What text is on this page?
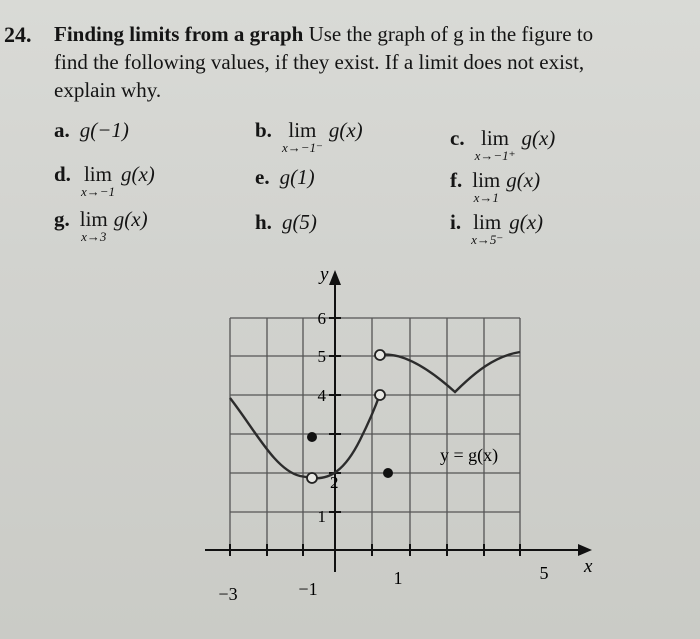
24. Finding limits from a graph Use the graph of g in the figure to
find the following values, if they exist. If a limit does not exist,
explain why.
a. g(−1)	b. lim
x→−1⁻
g(x)	c. lim
x→−1⁺
g(x)
d. lim
x→−1
g(x)	e. g(1)	f. lim
x→1
g(x)
g. lim
x→3
g(x)	h. g(5)	i. lim
x→5⁻
g(x)
−3	−1
1	5
1
2
4
5
6
y
x
y = g(x)
